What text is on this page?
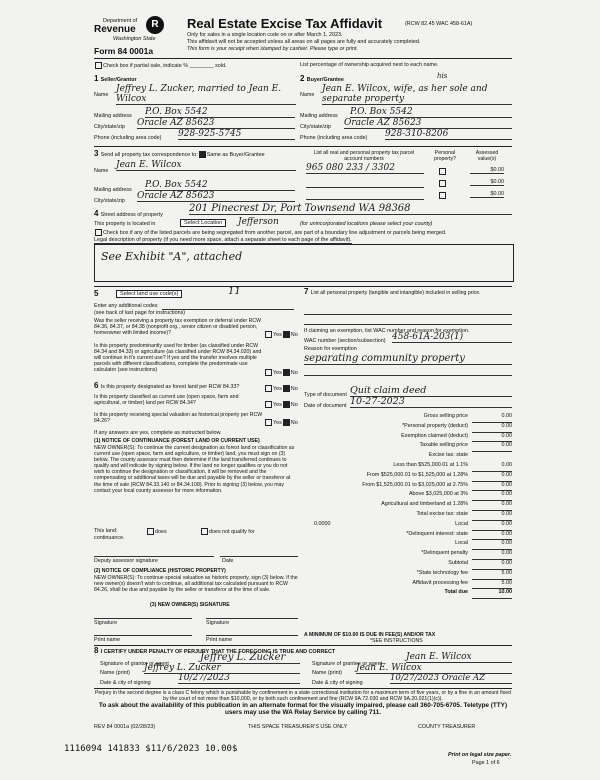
R
Department of
Revenue
Washington State
Form 84 0001a
Real Estate Excise Tax Affidavit	(RCW 82.45 WAC 458-61A)
Only for sales in a single location code on or after March 1, 2023.
This affidavit will not be accepted unless all areas on all pages are fully and accurately completed.
This form is your receipt when stamped by cashier. Please type or print.
Check box if partial sale, indicate % ________ sold.	List percentage of ownership acquired next to each name.
1 Seller/Grantor
Name
Jeffrey L. Zucker, married to Jean E. Wilcox
Mailing address P.O. Box 5542
City/state/zip Oracle AZ 85623
Phone (including area code) 928-925-5745
2 Buyer/Grantee	his
Name
Jean E. Wilcox, wife, as her sole and separate property
Mailing address P.O. Box 5542
City/state/zip Oracle AZ 85623
Phone (including area code) 928-310-8206
3 Send all property tax correspondence to: Same as Buyer/Grantee
Name
Jean E. Wilcox
Mailing address P.O. Box 5542
City/state/zip Oracle AZ 85623
List all real and personal property tax parcel account numbers
Personal property?
Assessed value(s)
965 080 233 / 3302	$0.00
$0.00
$0.00
4 Street address of property
201 Pinecrest Dr, Port Townsend WA 98368
This property is located in	Select Location	Jefferson	(for unincorporated locations please select your county)
Check box if any of the listed parcels are being segregated from another parcel, are part of a boundary line adjustment or parcels being merged.
Legal description of property (if you need more space, attach a separate sheet to each page of the affidavit).
See Exhibit "A", attached
5	Select land use code(s)	11
Enter any additional codes
(see back of last page for instructions)
Was the seller receiving a property tax exemption or deferral under RCW 84.36, 84.37, or 84.38 (nonprofit org., senior citizen or disabled person, homeowner with limited income)?	Yes No
Is this property predominantly used for timber (as classified under RCW 84.34 and 84.33) or agriculture (as classified under RCW 84.34.020) and will continue in it's current use? If yes and the transfer involves multiple parcels with different classifications, complete the predominate use calculator (see instructions)	Yes No
6 Is this property designated as forest land per RCW 84.33?	Yes No
Is this property classified as current use (open space, farm and agricultural, or timber) land per RCW 84.34?	Yes No
Is this property receiving special valuation as historical property per RCW 84.26?	Yes No
If any answers are yes, complete as instructed below.
(1) NOTICE OF CONTINUANCE (FOREST LAND OR CURRENT USE)
NEW OWNER(S): To continue the current designation as forest land or classification as current use (open space, farm and agriculture, or timber) land, you must sign on (3) below. The county assessor must then determine if the land transferred continues to qualify and will indicate by signing below. If the land no longer qualifies or you do not wish to continue the designation or classification, it will be removed and the compensating or additional taxes will be due and payable by the seller or transferor at the time of sale (RCW 84.33.140 or 84.34.108). Prior to signing (3) below, you may contact your local county assessor for more information.
This land:	does	does not qualify for
continuance.
Deputy assessor signature	Date
(2) NOTICE OF COMPLIANCE (HISTORIC PROPERTY)
NEW OWNER(S): To continue special valuation as historic property, sign (3) below. If the new owner(s) doesn't wish to continue, all additional tax calculated pursuant to RCW 84.26, shall be due and payable by the seller or transferor at the time of sale.
(3) NEW OWNER(S) SIGNATURE
Signature	Signature
Print name	Print name
7 List all personal property (tangible and intangible) included in selling price.
If claiming an exemption, list WAC number and reason for exemption.
WAC number (section/subsection) 458-61A-203(1)
Reason for exemption
separating community property
Type of document Quit claim deed
Date of document 10-27-2023
Gross selling price	0.00
*Personal property (deduct)	0.00
Exemption claimed (deduct)	0.00
Taxable selling price	0.00
Excise tax: state
Less than $525,000.01 at 1.1%	0.00
From $525,000.01 to $1,525,000 at 1.28%	0.00
From $1,525,000.01 to $3,025,000 at 2.75%	0.00
Above $3,025,000 at 3%	0.00
Agricultural and timberland at 1.28%	0.00
Total excise tax: state	0.00
0.0000	Local	0.00
*Delinquent interest: state	0.00
Local	0.00
*Delinquent penalty	0.00
Subtotal	0.00
*State technology fee	5.00
Affidavit processing fee	5.00
Total due	10.00
A MINIMUM OF $10.00 IS DUE IN FEE(S) AND/OR TAX
*SEE INSTRUCTIONS
8 I CERTIFY UNDER PENALTY OF PERJURY THAT THE FOREGOING IS TRUE AND CORRECT
Signature of grantor or agent
Jeffrey L. Zucker
Name (print) Jeffrey L. Zucker
Date & city of signing	10/27/2023
Signature of grantee or agent
Jean E. Wilcox
Name (print) Jean E. Wilcox
Date & city of signing	10/27/2023 Oracle AZ
Perjury in the second degree is a class C felony which is punishable by confinement in a state correctional institution for a maximum term of five years, or by a fine in an amount fixed by the court of not more than $10,000, or by both such confinement and fine (RCW 9A.72.030 and RCW 9A.20.021(1)(c)).
To ask about the availability of this publication in an alternate format for the visually impaired, please call 360-705-6705. Teletype (TTY) users may use the WA Relay Service by calling 711.
REV 84 0001a (02/28/23)	THIS SPACE TREASURER'S USE ONLY	COUNTY TREASURER
1116094 141833 $11/6/2023 10.00$
Print on legal size paper.
Page 1 of 6
